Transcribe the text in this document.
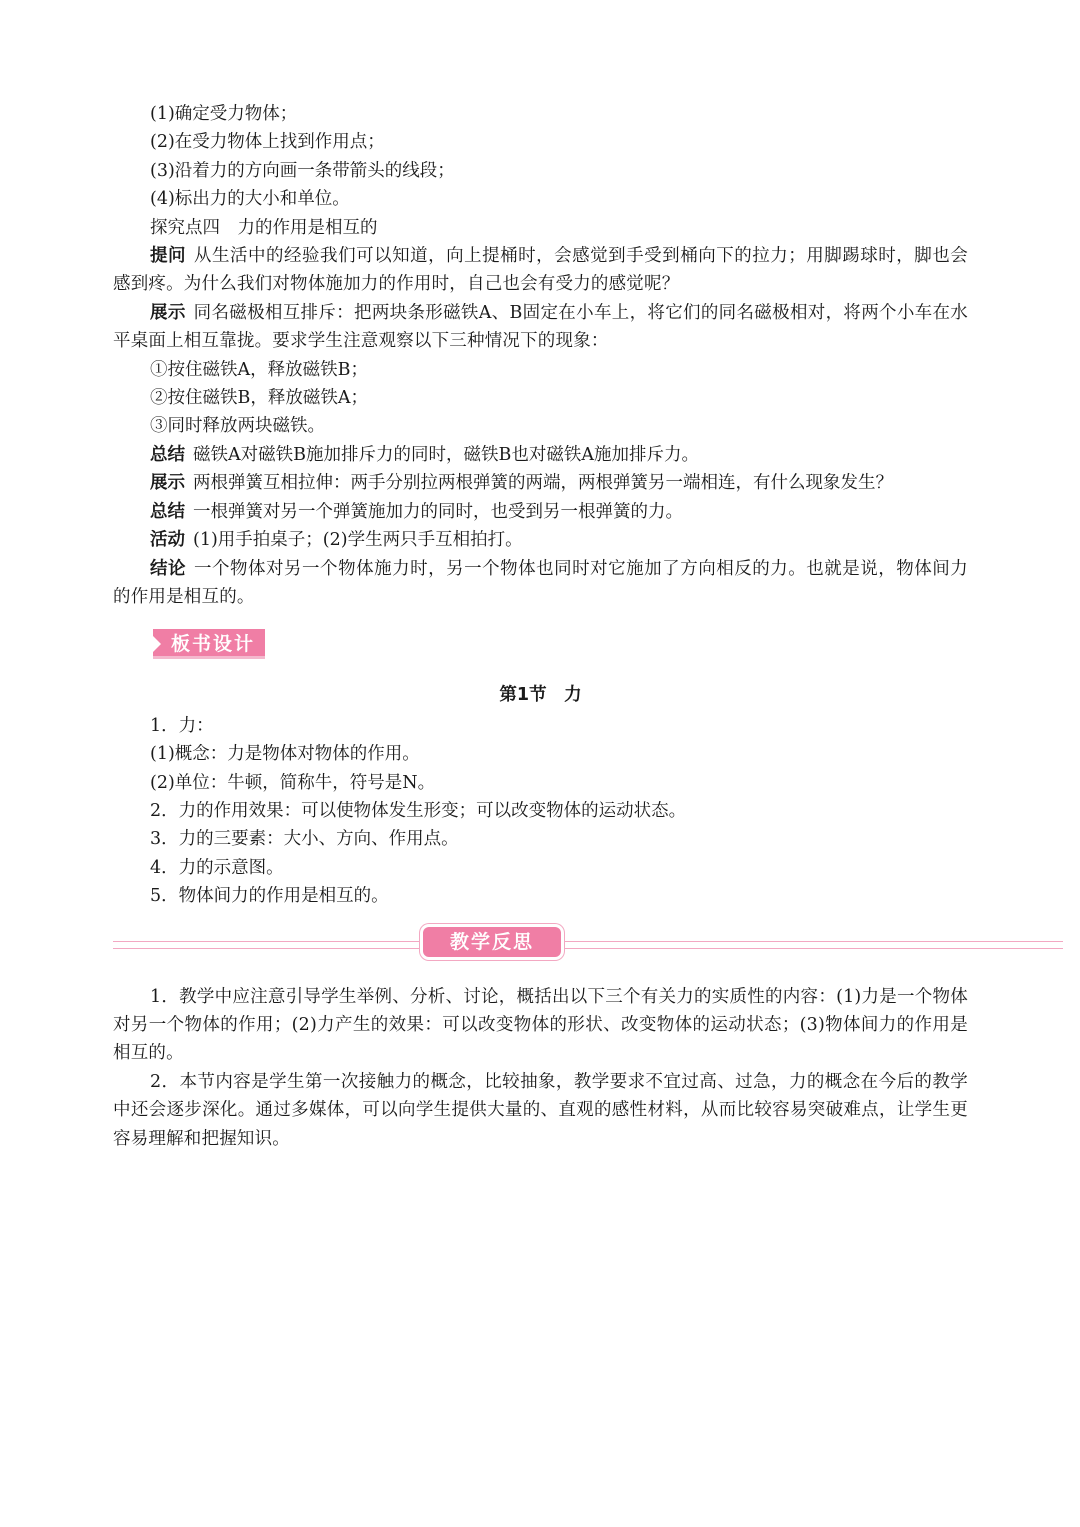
(1)确定受力物体；
(2)在受力物体上找到作用点；
(3)沿着力的方向画一条带箭头的线段；
(4)标出力的大小和单位。
探究点四　力的作用是相互的
提问 从生活中的经验我们可以知道，向上提桶时，会感觉到手受到桶向下的拉力；用脚踢球时，脚也会感到疼。为什么我们对物体施加力的作用时，自己也会有受力的感觉呢？
展示 同名磁极相互排斥：把两块条形磁铁A、B固定在小车上，将它们的同名磁极相对，将两个小车在水平桌面上相互靠拢。要求学生注意观察以下三种情况下的现象：
①按住磁铁A，释放磁铁B；
②按住磁铁B，释放磁铁A；
③同时释放两块磁铁。
总结 磁铁A对磁铁B施加排斥力的同时，磁铁B也对磁铁A施加排斥力。
展示 两根弹簧互相拉伸：两手分别拉两根弹簧的两端，两根弹簧另一端相连，有什么现象发生？
总结 一根弹簧对另一个弹簧施加力的同时，也受到另一根弹簧的力。
活动 (1)用手拍桌子；(2)学生两只手互相拍打。
结论 一个物体对另一个物体施力时，另一个物体也同时对它施加了方向相反的力。也就是说，物体间力的作用是相互的。
板书设计
第1节　力
1．力：
(1)概念：力是物体对物体的作用。
(2)单位：牛顿，简称牛，符号是N。
2．力的作用效果：可以使物体发生形变；可以改变物体的运动状态。
3．力的三要素：大小、方向、作用点。
4．力的示意图。
5．物体间力的作用是相互的。
教学反思
1．教学中应注意引导学生举例、分析、讨论，概括出以下三个有关力的实质性的内容：(1)力是一个物体对另一个物体的作用；(2)力产生的效果：可以改变物体的形状、改变物体的运动状态；(3)物体间力的作用是相互的。
2．本节内容是学生第一次接触力的概念，比较抽象，教学要求不宜过高、过急，力的概念在今后的教学中还会逐步深化。通过多媒体，可以向学生提供大量的、直观的感性材料，从而比较容易突破难点，让学生更容易理解和把握知识。
